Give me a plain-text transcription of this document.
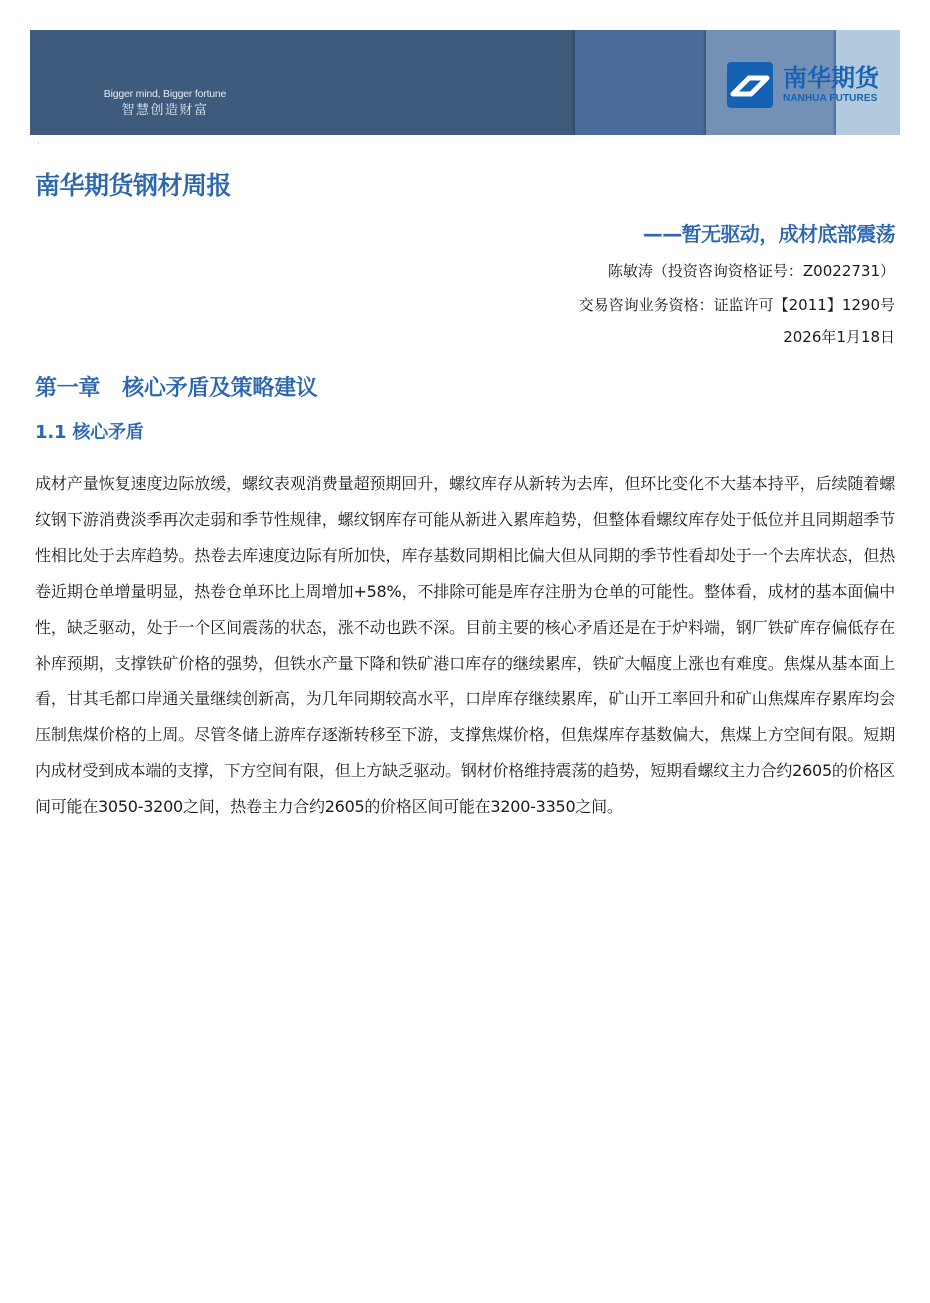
Bigger mind, Bigger fortune
智慧创造财富
南华期货
NANHUA FUTURES
·
南华期货钢材周报
——暂无驱动，成材底部震荡
陈敏涛（投资咨询资格证号：Z0022731）
交易咨询业务资格：证监许可【2011】1290号
2026年1月18日
第一章   核心矛盾及策略建议
1.1 核心矛盾

成材产量恢复速度边际放缓，螺纹表观消费量超预期回升，螺纹库存从新转为去库，但环比变化不大基本持平，后续随着螺纹钢下游消费淡季再次走弱和季节性规律，螺纹钢库存可能从新进入累库趋势，但整体看螺纹库存处于低位并且同期超季节性相比处于去库趋势。热卷去库速度边际有所加快，库存基数同期相比偏大但从同期的季节性看却处于一个去库状态，但热卷近期仓单增量明显，热卷仓单环比上周增加+58%，不排除可能是库存注册为仓单的可能性。整体看，成材的基本面偏中性，缺乏驱动，处于一个区间震荡的状态，涨不动也跌不深。目前主要的核心矛盾还是在于炉料端，钢厂铁矿库存偏低存在补库预期，支撑铁矿价格的强势，但铁水产量下降和铁矿港口库存的继续累库，铁矿大幅度上涨也有难度。焦煤从基本面上看，甘其毛都口岸通关量继续创新高，为几年同期较高水平，口岸库存继续累库，矿山开工率回升和矿山焦煤库存累库均会压制焦煤价格的上周。尽管冬储上游库存逐渐转移至下游，支撑焦煤价格，但焦煤库存基数偏大，焦煤上方空间有限。短期内成材受到成本端的支撑，下方空间有限，但上方缺乏驱动。钢材价格维持震荡的趋势，短期看螺纹主力合约2605的价格区间可能在3050-3200之间，热卷主力合约2605的价格区间可能在3200-3350之间。
